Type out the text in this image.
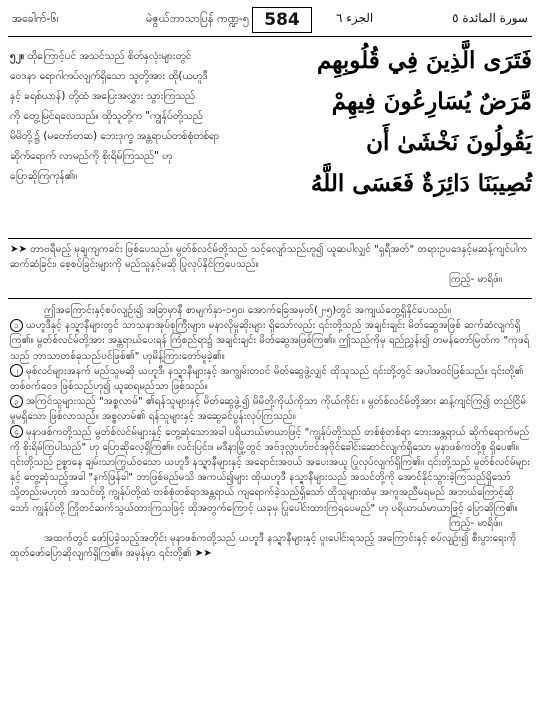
အခေါက်-၆၊	မဲဇွယ်ဘာသာပြန် ကဏ္ဍ-၅ 584	الجزء ٦	سورة المائدة ٥
၅၂။ ထိုကြောင့်ပင် အသင်သည် စိတ်နှလုံးများတွင်
ဝေဒနာ ရောဂါကပ်လျက်ရှိသော သူတို့အား ထို(ယဟူဒီ
နှင့် ခရစ်ယာန်) တို့ထံ အပြေးအလွှား သွားကြသည်
ကို တွေ့မြင်ရလေသည်။ ထိုသူတို့က "ကျွန်ုပ်တို့သည်
မိမိတို့၌ (မတော်တဆ) ဘေးဒုက္ခ အန္တရာယ်တစ်စုံတစ်ရာ
ဆိုက်ရောက် လာမည်ကို စိုးရိမ်ကြသည်" ဟု
ပြောဆိုကြကုန်၏။
فَتَرَى الَّذِينَ فِي قُلُوبِهِم
مَّرَضٌ يُسَارِعُونَ فِيهِمْ
يَقُولُونَ نَخْشَىٰ أَن
تُصِيبَنَا دَائِرَةٌ فَعَسَى اللَّهُ

➤➤ တာဗရီမည့် မုချကျကခင်း ဖြစ်ပေသည်။ မွတ်စ်လင်မ်တို့သည် သင့်လျော်သည်ဟူ၍ ယူဆပါလျှင် "ရှရီအတ်" တရားဥပဒေနှင့်မဆန့်ကျင်ပါက ဆက်ဆံခြင်း၊ စေ့စပ်ခြင်းများကို မည်သူနှင့်မဆို ပြုလုပ်နိုင်ကြပေသည်။

ကြည့်- မာရိဖ်။

ဤအကြောင်းနှင့်စပ်လျဉ်း၍ အခြာမှာနီ စာမျက်နှာ-၁၅၀၊ အောက်ခြေအမှတ်(၂-၅)တွင် အကျယ်တွေ့ရှိနိုင်ပေသည်။

၁ ယဟူဒီနှင့် နသ္ရာနီများတွင် သာသနာအုပ်စုကြီးများ၊ မနာလိုမှုဆိုးများ ရှိသော်လည်း ၎င်းတို့သည် အချင်းချင်း မိတ်ဆွေအဖြစ် ဆက်ဆံလျက်ရှိကြ၏။ မွတ်စ်လင်မ်တို့အား အန္တရာယ်ပေးရန် ကြံစည်ရာ၌ အချင်းချင်း မိတ်ဆွေအဖြစ်ကြ၏။ ဤသည်ကိုမှ ရည်ညွှန်း၍ တမန်တော်မြတ်က "ကုဖရ်သည် ဘာသာတစ်ခုသည်ပင်ဖြစ်၏" ဟုမိန့်ကြားတော်မူခဲ့၏။

၂ မုစ်လင်များအနက် မည်သူမဆို ယဟူဒီ၊ နသ္ရာနီများနှင့် အကျွမ်းတဝင် မိတ်ဆွေဖွဲ့လျှင် ထိုသူသည် ၎င်းတို့တွင် အပါအဝင်ဖြစ်သည်။ ၎င်းတို့၏ တစ်ဝက်ဝေဒ ဖြစ်သည်ဟု၍ ယူဆရမည်သာ ဖြစ်သည်။

၃ အကြင်သူများသည် "အစ္စလာမ်" ၏ရန်သူများနှင့် မိတ်ဆွေဖွဲ့၍ မိမိတို့ကိုယ်ကိုသာ ကိုယ်ကိုင်း ။ မွတ်စ်လင်မ်တို့အား ဆန့်ကျင်ကြ၍ တည်ငြိမ်မှုမရှိသော ဖြစ်လာသည်။ အစ္စလာမ်၏ ရန်သူများနှင့် အဆွေခင်ပွန်းလုပ်ကြသည်။

၄ မုနာဖစ်ကတို့သည် မွတ်စ်လင်မ်များနှင့် တွေ့ဆုံသောအခါ ပရိယာယ်မာယာဖြင့် "ကျွန်ုပ်တို့သည် တစ်စုံတစ်ရာ ဘေးအန္တရာယ် ဆိုက်ရောက်မည်ကို စိုးရိမ်ကြပါသည်" ဟု ပြောဆိုလေ့ရှိကြ၏။ လင်းပြင်း။ မဒီနာမြို့တွင် အဗ်ဒုလ္လာဟ်ဗင်အုဗိုင်ခေါင်းဆောင်လျက်ရှိသော မုနာဖစ်ကတို့စု ရှိပေ၏။

၎င်းတို့သည် ဥစ္စာနေ ချမ်းသာကြွယ်ဝသော ယဟူဒီ နသ္ရာနီများနှင့် အရောင်းအဝယ် အပေးအယူ ပြုလုပ်လျက်ရှိကြ၏။ ၎င်းတို့သည် မွတ်စ်လင်မ်များနှင့် တွေ့ဆုံသည့်အခါ "နက်ဖြန်ခါ" ဘာဖြစ်မည်မသိ အကယ်၍များ ထိုယဟူဒီ နသ္ရာနီများသည် အသင်တို့ကို အောင်နိုင်သွားခဲ့ကြသည်ရှိသော် သို့တည်းမဟုတ် အသင်တို့ ကျွန်ုပ်တို့ထံ တစ်စုံတစ်ရာအန္တရာယ် ကျရောက်ခဲ့သည်ရှိသော် ထိုသူများထံမှ အကူအညီမရမည် အဘယ်ကြောင့်ဆိုသော် ကျွန်ုပ်တို့ ကြိုတင်ဆက်သွယ်ထားကြသဖြင့် ထိုအတွက်ကြောင့် ယခုမှ ပြုပေါင်းထားကြရပေမည်" ဟု ပရိယာယ်မာယာဖြင့် ပြောဆိုကြ၏။

ကြည့်- မာရိဖ်။

အထက်တွင် ဖော်ပြခဲ့သည့်အတိုင်း မုနာဖစ်ကတို့သည် ယဟူဒီ နသ္ရာနီများနှင့် ပူးပေါင်းရသည့် အကြောင်းနှင့် စပ်လျဉ်း၍ စီးပွားရေးကို ထုတ်ဖော်ပြောဆိုလျက်ရှိကြ၏။ အမှန်မှာ ၎င်းတို့၏ ➤➤
